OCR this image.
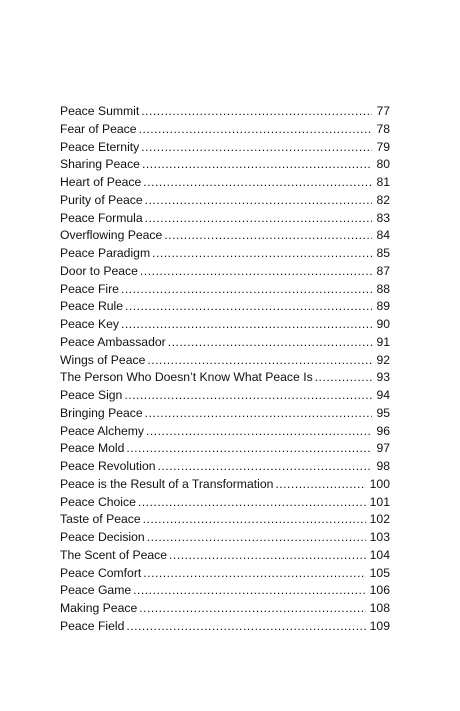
Peace Summit .....	77
Fear of Peace .....	78
Peace Eternity .....	79
Sharing Peace .....	80
Heart of Peace .....	81
Purity of Peace .....	82
Peace Formula .....	83
Overflowing Peace .....	84
Peace Paradigm .....	85
Door to Peace .....	87
Peace Fire .....	88
Peace Rule .....	89
Peace Key .....	90
Peace Ambassador .....	91
Wings of Peace .....	92
The Person Who Doesn’t Know What Peace Is .....	93
Peace Sign .....	94
Bringing Peace .....	95
Peace Alchemy .....	96
Peace Mold .....	97
Peace Revolution .....	98
Peace is the Result of a Transformation .....	100
Peace Choice .....	101
Taste of Peace .....	102
Peace Decision .....	103
The Scent of Peace .....	104
Peace Comfort .....	105
Peace Game .....	106
Making Peace .....	108
Peace Field .....	109
